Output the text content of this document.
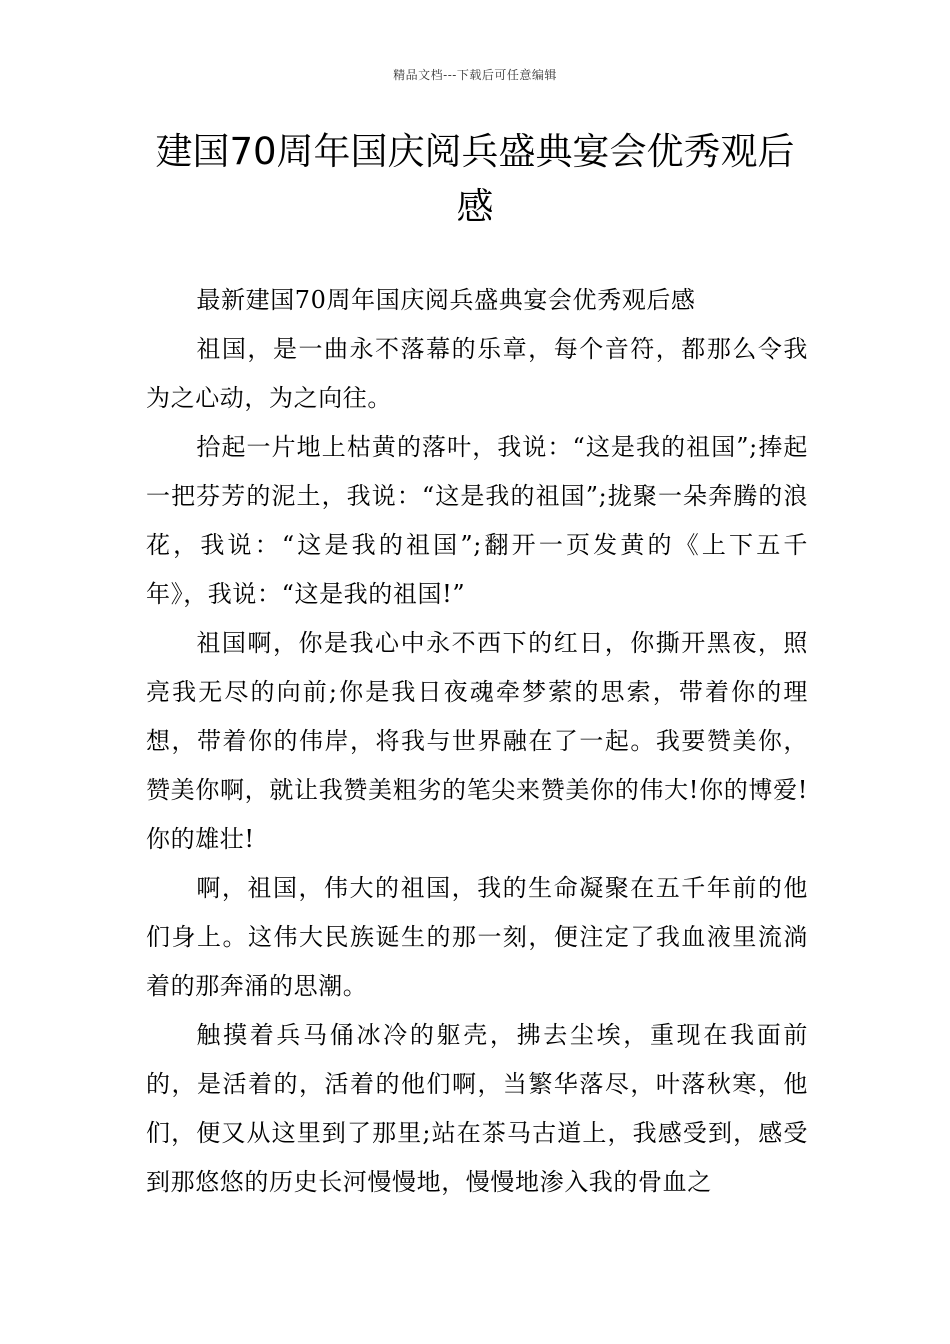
精品文档---下载后可任意编辑
建国70周年国庆阅兵盛典宴会优秀观后感

最新建国70周年国庆阅兵盛典宴会优秀观后感

祖国，是一曲永不落幕的乐章，每个音符，都那么令我为之心动，为之向往。

拾起一片地上枯黄的落叶，我说：“这是我的祖国”;捧起一把芬芳的泥土，我说：“这是我的祖国”;拢聚一朵奔腾的浪花，我说：“这是我的祖国”;翻开一页发黄的《上下五千年》，我说：“这是我的祖国!”

祖国啊，你是我心中永不西下的红日，你撕开黑夜，照亮我无尽的向前;你是我日夜魂牵梦萦的思索，带着你的理想，带着你的伟岸，将我与世界融在了一起。我要赞美你，赞美你啊，就让我赞美粗劣的笔尖来赞美你的伟大!你的博爱!你的雄壮!

啊，祖国，伟大的祖国，我的生命凝聚在五千年前的他们身上。这伟大民族诞生的那一刻，便注定了我血液里流淌着的那奔涌的思潮。

触摸着兵马俑冰冷的躯壳，拂去尘埃，重现在我面前的，是活着的，活着的他们啊，当繁华落尽，叶落秋寒，他们，便又从这里到了那里;站在茶马古道上，我感受到，感受到那悠悠的历史长河慢慢地，慢慢地渗入我的骨血之
